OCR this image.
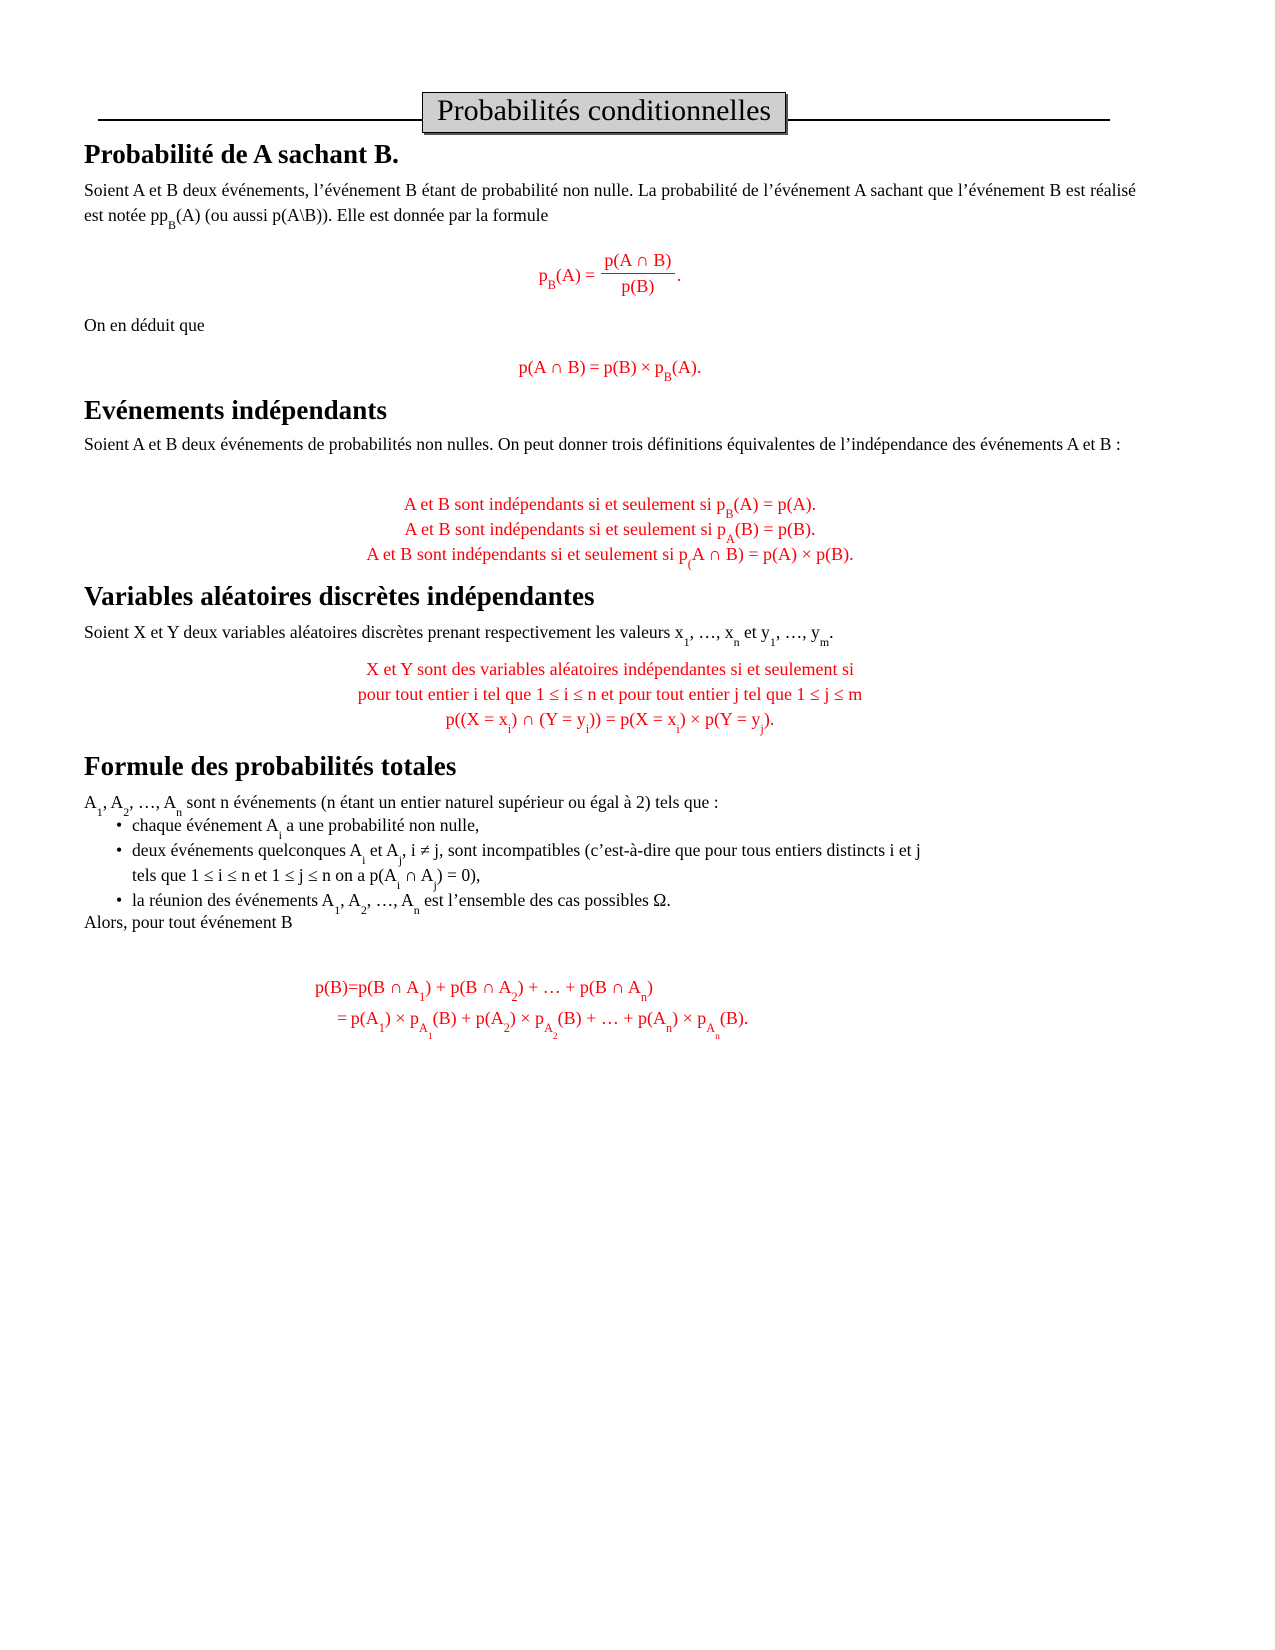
Probabilités conditionnelles
Probabilité de A sachant B.
Soient A et B deux événements, l’événement B étant de probabilité non nulle. La probabilité de l’événement A sachant que l’événement B est réalisé est notée $pp_B(A)$ (ou aussi p(A\B)). Elle est donnée par la formule
$p_B(A) = \frac{p(A \cap B)}{p(B)}$ .
On en déduit que
p(A ∩ $B) = p(B) \times p_B(A)$.
Evénements indépendants
Soient A et B deux événements de probabilités non nulles. On peut donner trois définitions équivalentes de l’indépendance des événements A et B :
A et B sont indépendants si et seulement si $p_B(A) = p(A)$.
A et B sont indépendants si et seulement si $p_A(B) = p(B)$.
A et B sont indépendants si et seulement si $p_(A$ ∩ B) = p(A) × p(B).
Variables aléatoires discrètes indépendantes
Soient X et Y deux variables aléatoires discrètes prenant respectivement les valeurs $x_1$, …, $x_n$ et $y_1$, …, $y_m$.
X et Y sont des variables aléatoires indépendantes si et seulement si
pour tout entier i tel que 1 ≤ i ≤ n et pour tout entier j tel que 1 ≤ j ≤ m
$p((X = x_i)$ ∩ $(Y = y_i)) = p(X = x_i) \times p(Y = y_j)$.
Formule des probabilités totales
$A_1$, $A_2$, …, $A_n$ sont n événements (n étant un entier naturel supérieur ou égal à 2) tels que :
• chaque événement $A_i$ a une probabilité non nulle,
• deux événements quelconques $A_i$ et $A_j$, i ≠ j, sont incompatibles (c’est-à-dire que pour tous entiers distincts i et j
tels que 1 ≤ i ≤ n et 1 ≤ j ≤ n on a $p(A_i$ ∩ $A_j) = 0$),
• la réunion des événements $A_1$, $A_2$, …, $A_n$ est l’ensemble des cas possibles Ω.
Alors, pour tout événement B
p(B)=p(B ∩ $A_1) + p(B$ ∩ $A_2$) + … + p(B ∩ $A_n$)
= $p(A_1) \times p_{A_1}(B) + p(A_2) \times p_{A_2}(B)$ + … + $p(A_n) \times p_{A_n}(B)$.
